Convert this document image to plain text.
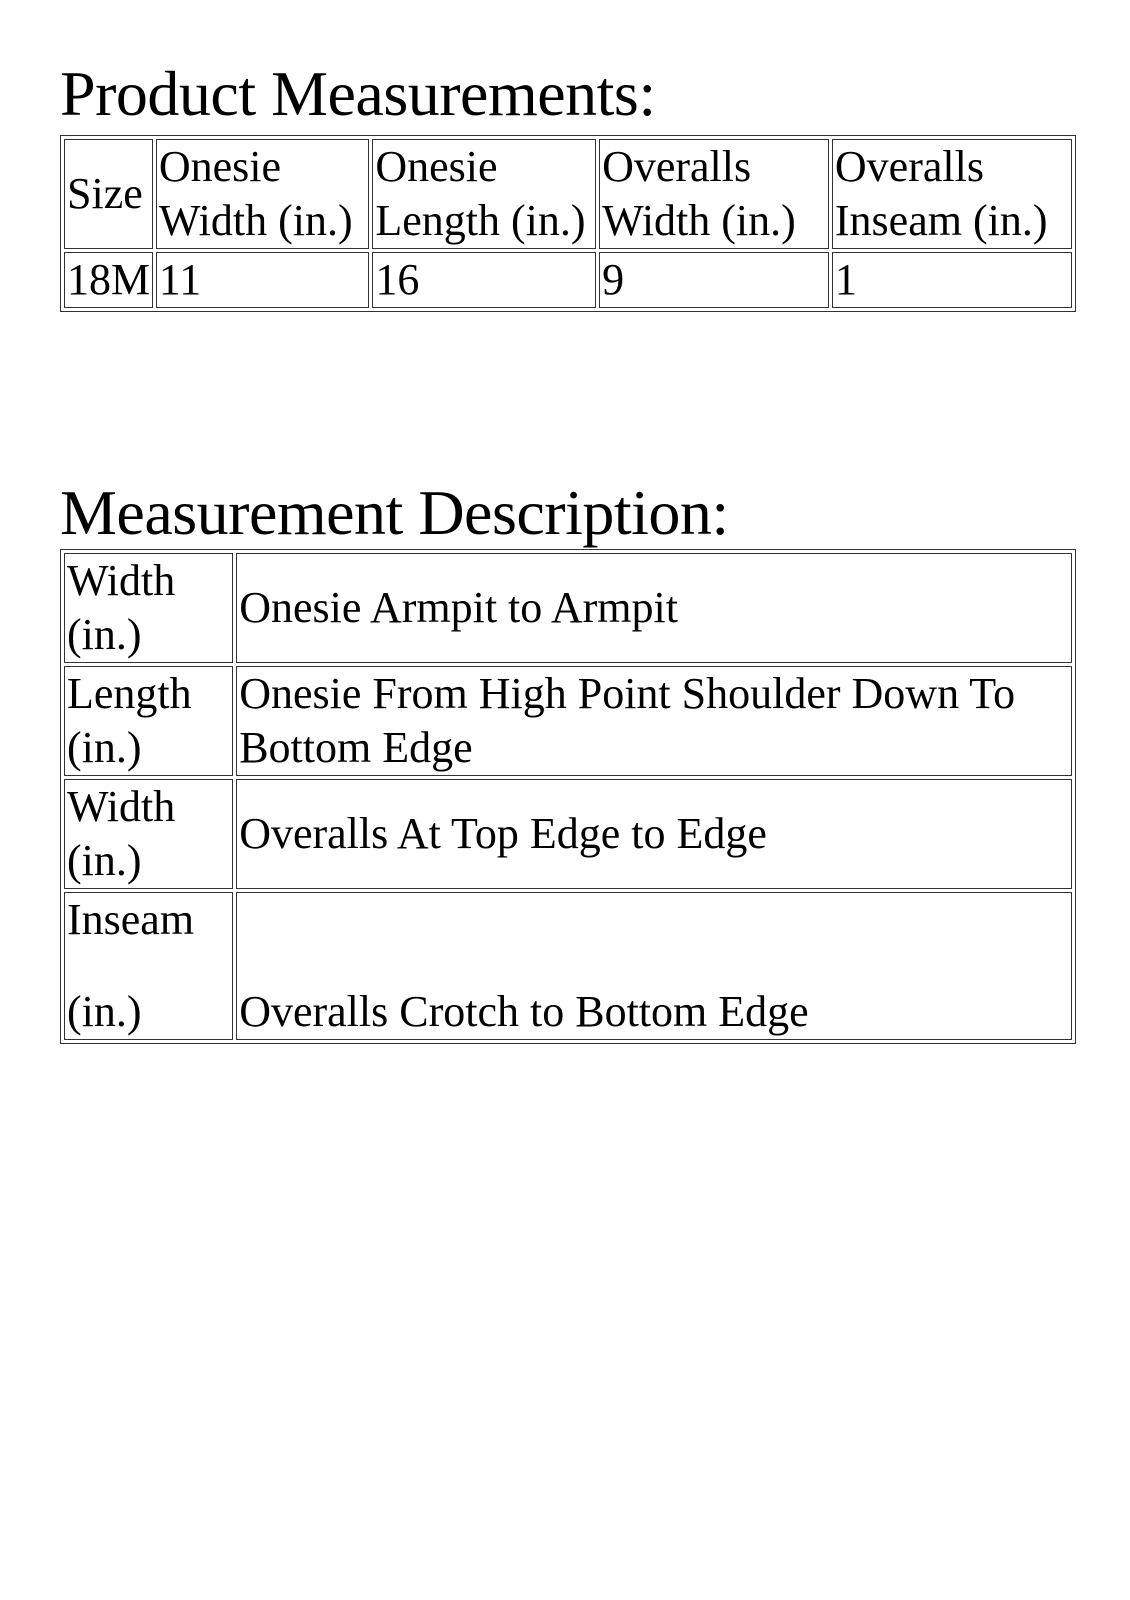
Product Measurements:
Size	Onesie Width (in.)	Onesie Length (in.)	Overalls Width (in.)	Overalls Inseam (in.)
18M	11	16	9	1
Measurement Description:
Width (in.)	Onesie Armpit to Armpit
Length (in.)	Onesie From High Point Shoulder Down To Bottom Edge
Width (in.)	Overalls At Top Edge to Edge

Inseam
(in.)	Overalls Crotch to Bottom Edge
